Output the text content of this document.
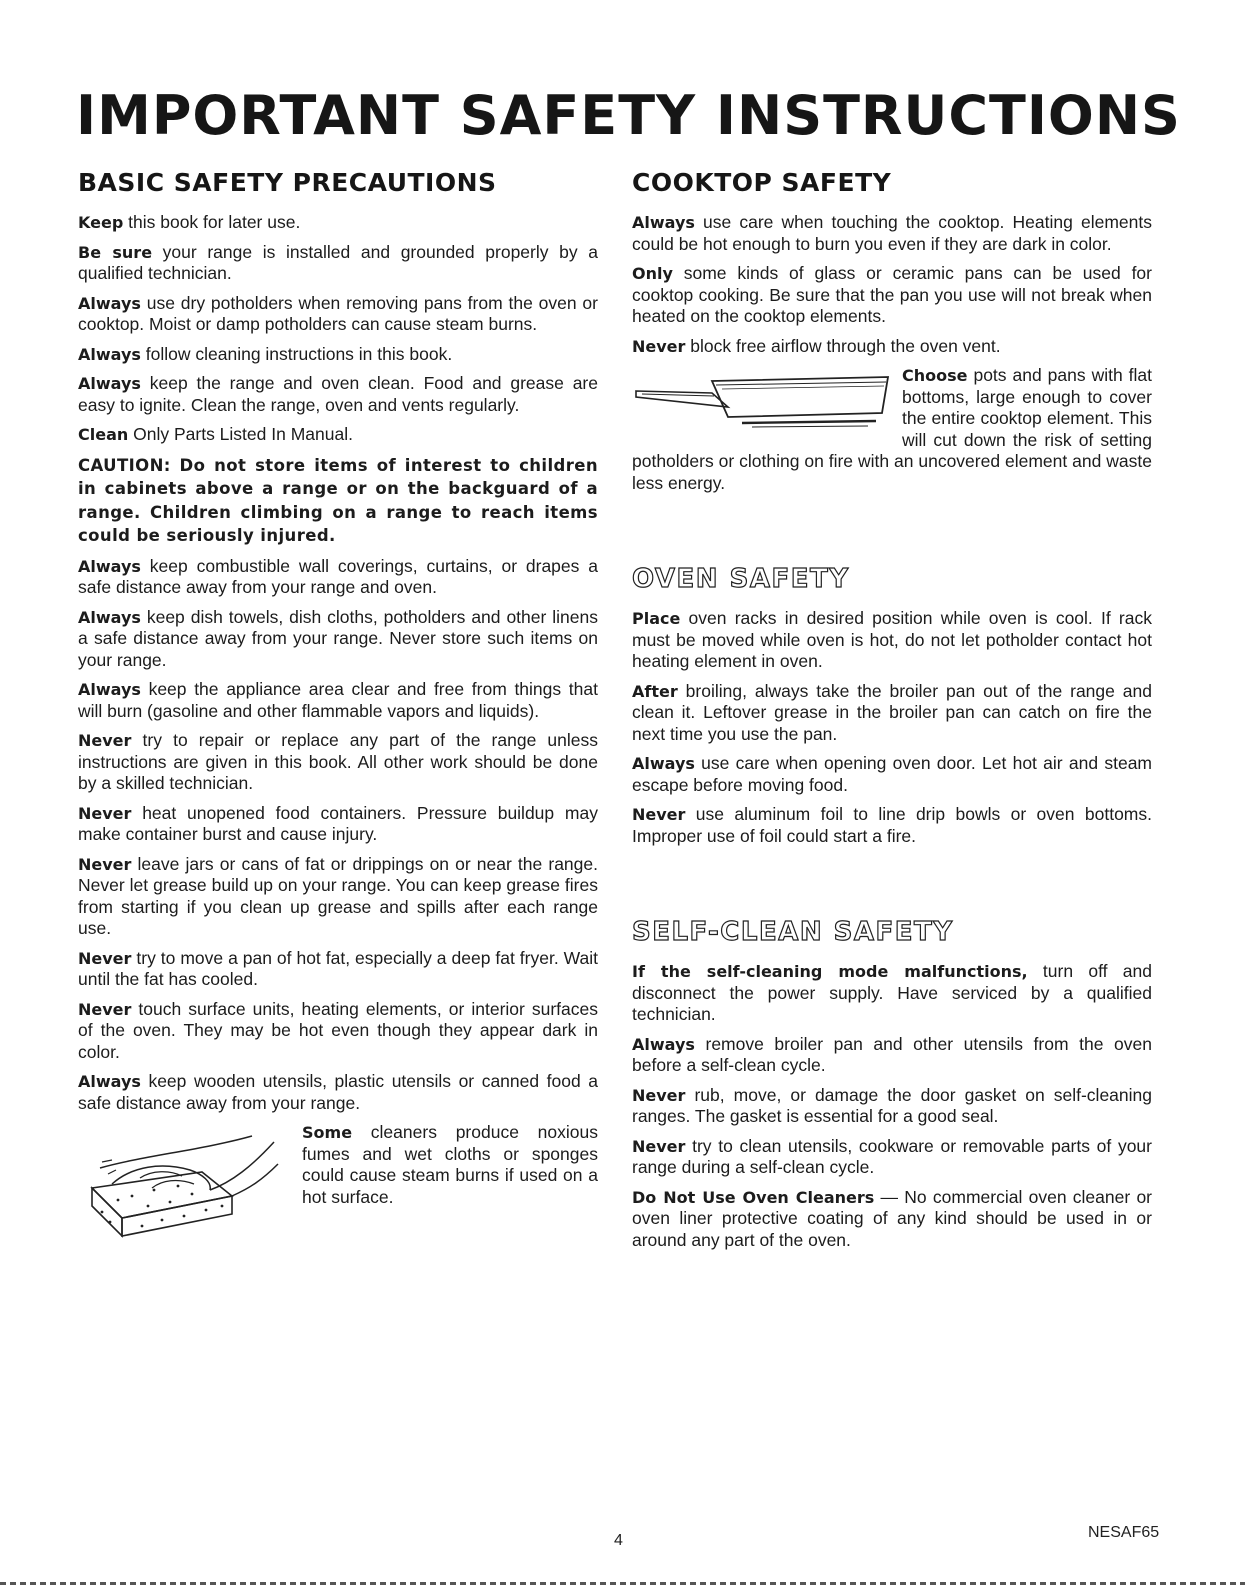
IMPORTANT SAFETY INSTRUCTIONS
BASIC SAFETY PRECAUTIONS

Keep this book for later use.

Be sure your range is installed and grounded properly by a qualified technician.

Always use dry potholders when removing pans from the oven or cooktop. Moist or damp potholders can cause steam burns.

Always follow cleaning instructions in this book.

Always keep the range and oven clean. Food and grease are easy to ignite. Clean the range, oven and vents regularly.

Clean Only Parts Listed In Manual.

CAUTION: Do not store items of interest to children in cabinets above a range or on the backguard of a range. Children climbing on a range to reach items could be seriously injured.

Always keep combustible wall coverings, curtains, or drapes a safe distance away from your range and oven.

Always keep dish towels, dish cloths, potholders and other linens a safe distance away from your range. Never store such items on your range.

Always keep the appliance area clear and free from things that will burn (gasoline and other flammable vapors and liquids).

Never try to repair or replace any part of the range unless instructions are given in this book. All other work should be done by a skilled technician.

Never heat unopened food containers. Pressure buildup may make container burst and cause injury.

Never leave jars or cans of fat or drippings on or near the range. Never let grease build up on your range. You can keep grease fires from starting if you clean up grease and spills after each range use.

Never try to move a pan of hot fat, especially a deep fat fryer. Wait until the fat has cooled.

Never touch surface units, heating elements, or interior surfaces of the oven. They may be hot even though they appear dark in color.

Always keep wooden utensils, plastic utensils or canned food a safe distance away from your range.

Some cleaners produce noxious fumes and wet cloths or sponges could cause steam burns if used on a hot surface.

COOKTOP SAFETY

Always use care when touching the cooktop. Heating elements could be hot enough to burn you even if they are dark in color.

Only some kinds of glass or ceramic pans can be used for cooktop cooking. Be sure that the pan you use will not break when heated on the cooktop elements.

Never block free airflow through the oven vent.

Choose pots and pans with flat bottoms, large enough to cover the entire cooktop element. This will cut down the risk of setting potholders or clothing on fire with an uncovered element and waste less energy.

OVEN SAFETY

Place oven racks in desired position while oven is cool. If rack must be moved while oven is hot, do not let potholder contact hot heating element in oven.

After broiling, always take the broiler pan out of the range and clean it. Leftover grease in the broiler pan can catch on fire the next time you use the pan.

Always use care when opening oven door. Let hot air and steam escape before moving food.

Never use aluminum foil to line drip bowls or oven bottoms. Improper use of foil could start a fire.

SELF-CLEAN SAFETY

If the self-cleaning mode malfunctions, turn off and disconnect the power supply. Have serviced by a qualified technician.

Always remove broiler pan and other utensils from the oven before a self-clean cycle.

Never rub, move, or damage the door gasket on self-cleaning ranges. The gasket is essential for a good seal.

Never try to clean utensils, cookware or removable parts of your range during a self-clean cycle.

Do Not Use Oven Cleaners — No commercial oven cleaner or oven liner protective coating of any kind should be used in or around any part of the oven.

4	NESAF65
